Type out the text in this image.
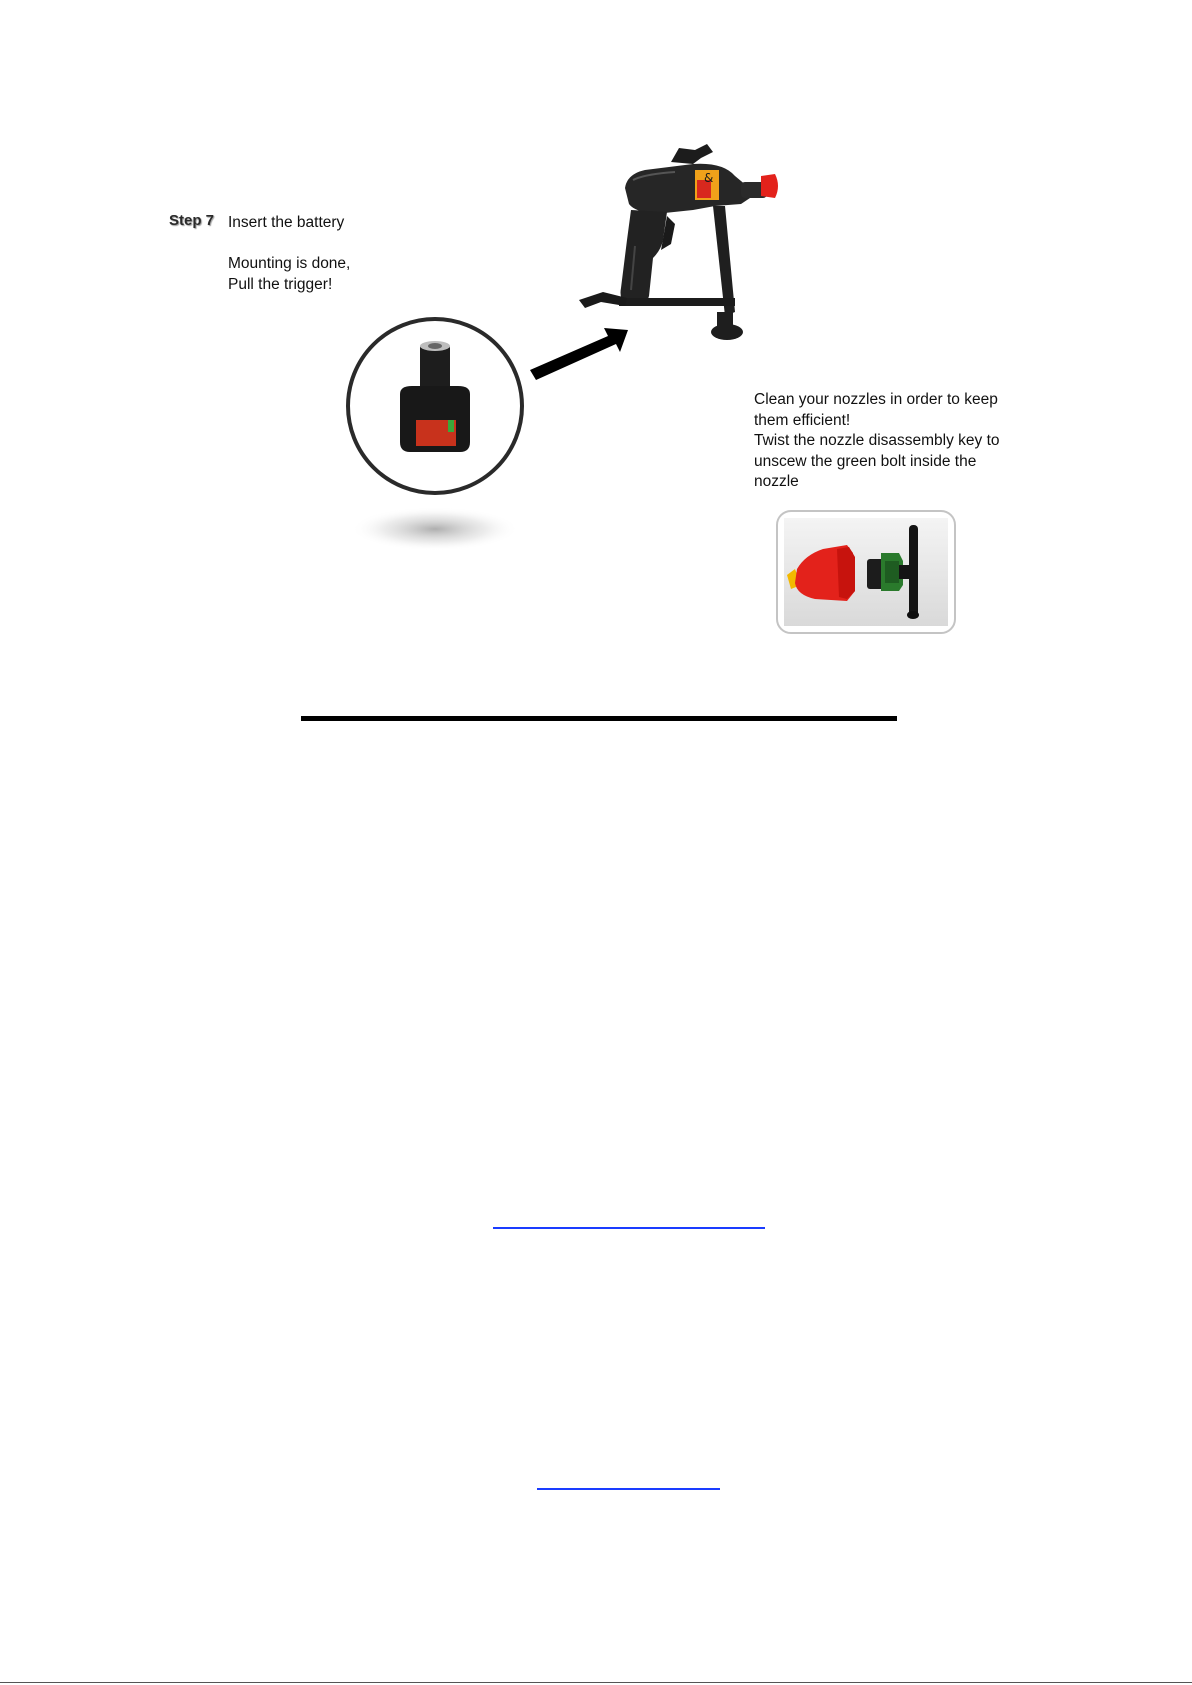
Step 7 Insert the battery
Mounting is done,
Pull the trigger!
&
Clean your nozzles in order to keep
them efficient!
Twist the nozzle disassembly key to
unscew the green bolt inside the
nozzle
